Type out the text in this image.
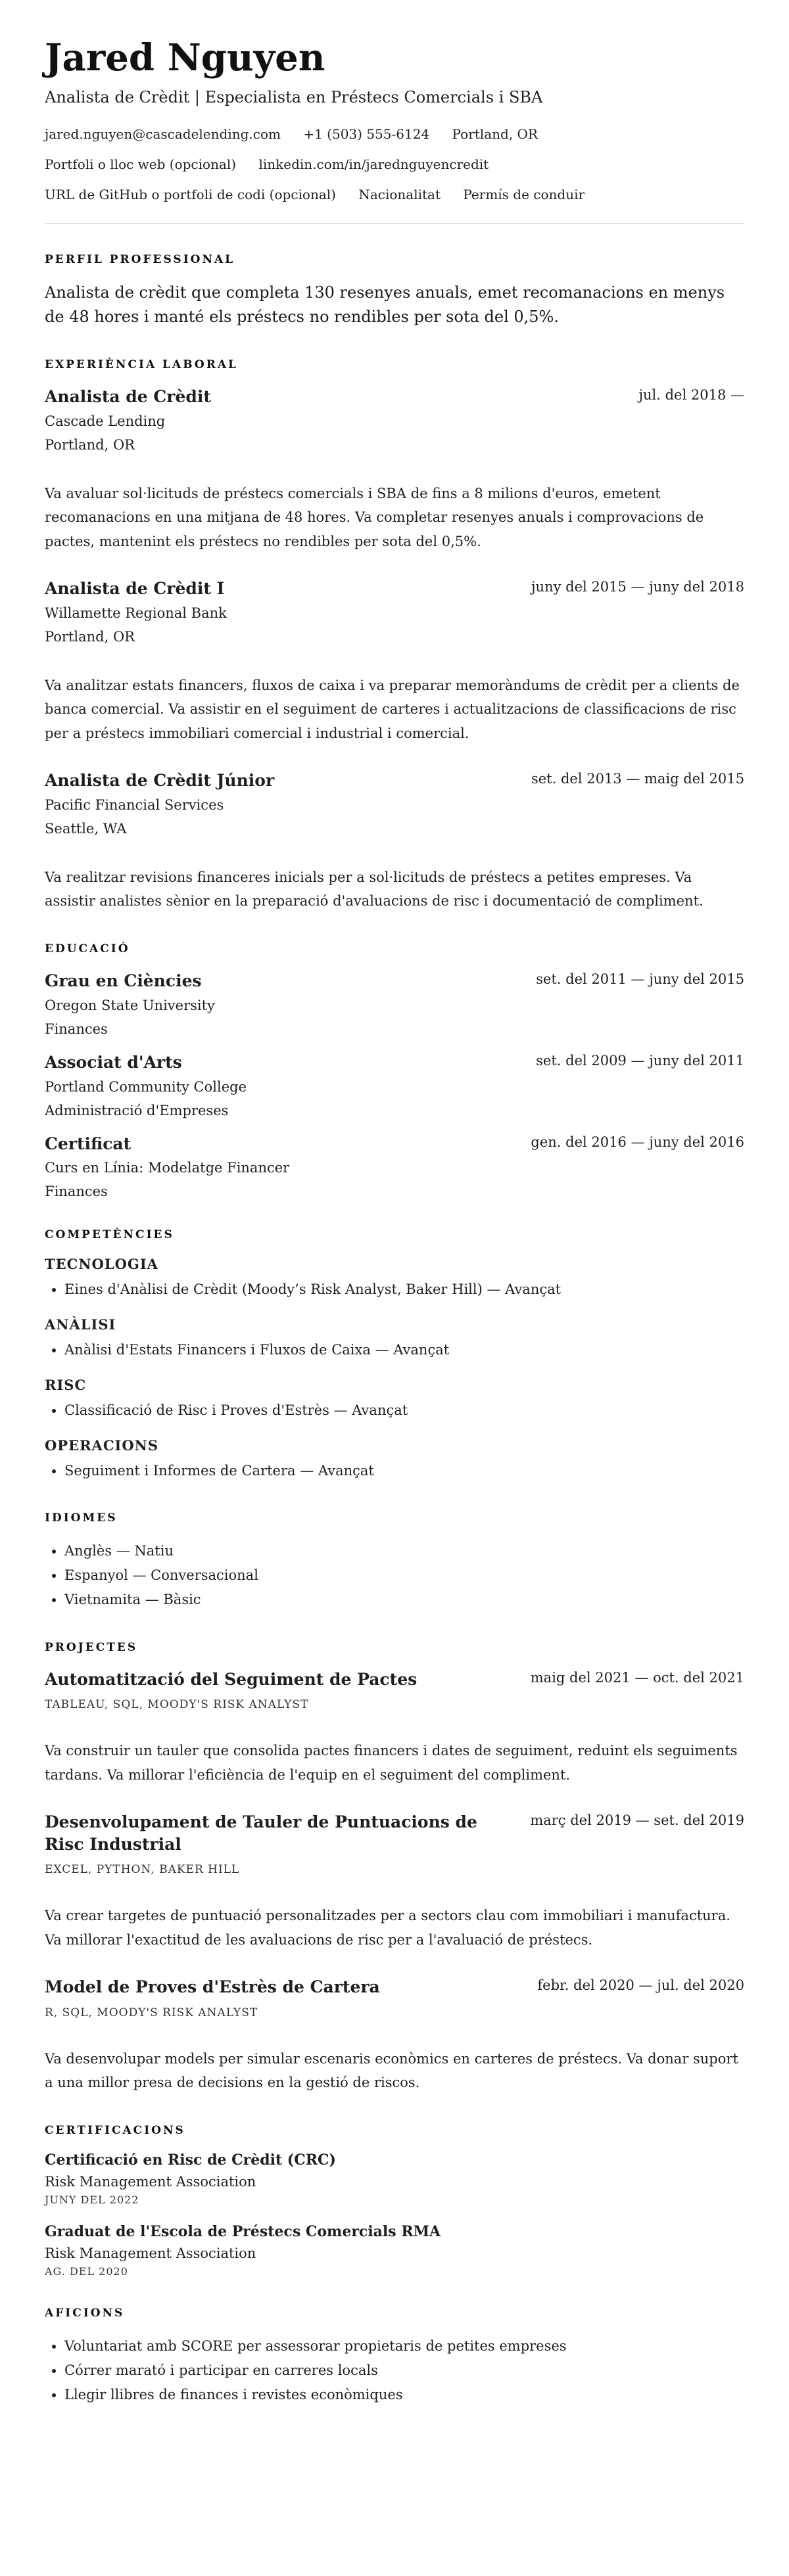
Jared Nguyen

Analista de Crèdit | Especialista en Préstecs Comercials i SBA

jared.nguyen@cascadelending.com +1 (503) 555-6124 Portland, OR
Portfoli o lloc web (opcional) linkedin.com/in/jarednguyencredit
URL de GitHub o portfoli de codi (opcional) Nacionalitat Permís de conduir
PERFIL PROFESSIONAL

Analista de crèdit que completa 130 resenyes anuals, emet recomanacions en menys de 48 hores i manté els préstecs no rendibles per sota del 0,5%.

EXPERIÈNCIA LABORAL
Analista de Crèdit	jul. del 2018 —

Cascade Lending

Portland, OR

Va avaluar sol·licituds de préstecs comercials i SBA de fins a 8 milions d'euros, emetent recomanacions en una mitjana de 48 hores. Va completar resenyes anuals i comprovacions de pactes, mantenint els préstecs no rendibles per sota del 0,5%.

Analista de Crèdit I	juny del 2015 — juny del 2018

Willamette Regional Bank

Portland, OR

Va analitzar estats financers, fluxos de caixa i va preparar memoràndums de crèdit per a clients de banca comercial. Va assistir en el seguiment de carteres i actualitzacions de classificacions de risc per a préstecs immobiliari comercial i industrial i comercial.

Analista de Crèdit Júnior	set. del 2013 — maig del 2015

Pacific Financial Services

Seattle, WA

Va realitzar revisions financeres inicials per a sol·licituds de préstecs a petites empreses. Va assistir analistes sènior en la preparació d'avaluacions de risc i documentació de compliment.

EDUCACIÓ
Grau en Ciències	set. del 2011 — juny del 2015

Oregon State University

Finances

Associat d'Arts	set. del 2009 — juny del 2011

Portland Community College

Administració d'Empreses

Certificat	gen. del 2016 — juny del 2016

Curs en Línia: Modelatge Financer

Finances

COMPETÈNCIES
TECNOLOGIA
• Eines d'Anàlisi de Crèdit (Moody’s Risk Analyst, Baker Hill) — Avançat
ANÀLISI
• Anàlisi d'Estats Financers i Fluxos de Caixa — Avançat
RISC
• Classificació de Risc i Proves d'Estrès — Avançat
OPERACIONS
• Seguiment i Informes de Cartera — Avançat
IDIOMES
• Anglès — Natiu
• Espanyol — Conversacional
• Vietnamita — Bàsic
PROJECTES
Automatització del Seguiment de Pactes	maig del 2021 — oct. del 2021

TABLEAU, SQL, MOODY'S RISK ANALYST

Va construir un tauler que consolida pactes financers i dates de seguiment, reduint els seguiments tardans. Va millorar l'eficiència de l'equip en el seguiment del compliment.

Desenvolupament de Tauler de Puntuacions de Risc Industrial
març del 2019 — set. del 2019

EXCEL, PYTHON, BAKER HILL

Va crear targetes de puntuació personalitzades per a sectors clau com immobiliari i manufactura. Va millorar l'exactitud de les avaluacions de risc per a l'avaluació de préstecs.

Model de Proves d'Estrès de Cartera	febr. del 2020 — jul. del 2020

R, SQL, MOODY'S RISK ANALYST

Va desenvolupar models per simular escenaris econòmics en carteres de préstecs. Va donar suport a una millor presa de decisions en la gestió de riscos.

CERTIFICACIONS

Certificació en Risc de Crèdit (CRC)

Risk Management Association

JUNY DEL 2022

Graduat de l'Escola de Préstecs Comercials RMA

Risk Management Association

AG. DEL 2020

AFICIONS
• Voluntariat amb SCORE per assessorar propietaris de petites empreses
• Córrer marató i participar en carreres locals
• Llegir llibres de finances i revistes econòmiques
